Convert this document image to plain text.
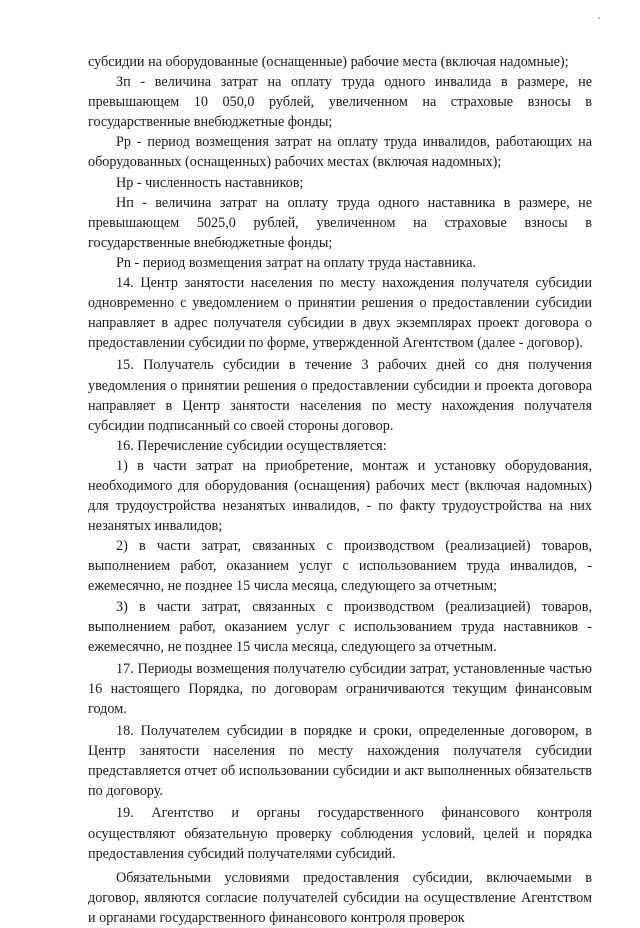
'

субсидии на оборудованные (оснащенные) рабочие места (включая надомные);

Зп - величина затрат на оплату труда одного инвалида в размере, не превышающем 10 050,0 рублей, увеличенном на страховые взносы в государственные внебюджетные фонды;

Рр - период возмещения затрат на оплату труда инвалидов, работающих на оборудованных (оснащенных) рабочих местах (включая надомных);

Нр - численность наставников;

Нп - величина затрат на оплату труда одного наставника в размере, не превышающем 5025,0 рублей, увеличенном на страховые взносы в государственные внебюджетные фонды;

Рn - период возмещения затрат на оплату труда наставника.

14. Центр занятости населения по месту нахождения получателя субсидии одновременно с уведомлением о принятии решения о предоставлении субсидии направляет в адрес получателя субсидии в двух экземплярах проект договора о предоставлении субсидии по форме, утвержденной Агентством (далее - договор).

15. Получатель субсидии в течение 3 рабочих дней со дня получения уведомления о принятии решения о предоставлении субсидии и проекта договора направляет в Центр занятости населения по месту нахождения получателя субсидии подписанный со своей стороны договор.

16. Перечисление субсидии осуществляется:

1) в части затрат на приобретение, монтаж и установку оборудования, необходимого для оборудования (оснащения) рабочих мест (включая надомных) для трудоустройства незанятых инвалидов, - по факту трудоустройства на них незанятых инвалидов;

2) в части затрат, связанных с производством (реализацией) товаров, выполнением работ, оказанием услуг с использованием труда инвалидов, - ежемесячно, не позднее 15 числа месяца, следующего за отчетным;

3) в части затрат, связанных с производством (реализацией) товаров, выполнением работ, оказанием услуг с использованием труда наставников - ежемесячно, не позднее 15 числа месяца, следующего за отчетным.

17. Периоды возмещения получателю субсидии затрат, установленные частью 16 настоящего Порядка, по договорам ограничиваются текущим финансовым годом.

18. Получателем субсидии в порядке и сроки, определенные договором, в Центр занятости населения по месту нахождения получателя субсидии представляется отчет об использовании субсидии и акт выполненных обязательств по договору.

19. Агентство и органы государственного финансового контроля осуществляют обязательную проверку соблюдения условий, целей и порядка предоставления субсидий получателями субсидий.

Обязательными условиями предоставления субсидии, включаемыми в договор, являются согласие получателей субсидии на осуществление Агентством и органами государственного финансового контроля проверок
